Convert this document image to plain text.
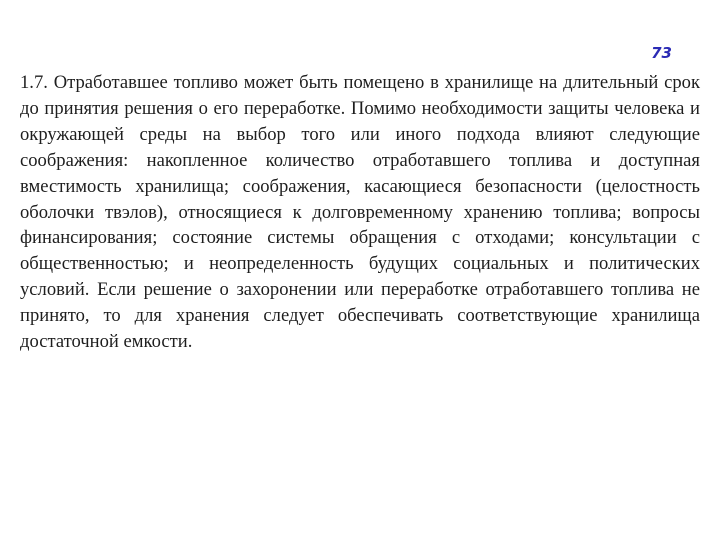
73

1.7. Отработавшее топливо может быть помещено в хранилище на длительный срок до принятия решения о его переработке. Помимо необходимости защиты человека и окружающей среды на выбор того или иного подхода влияют следующие соображения: накопленное количество отработавшего топлива и доступная вместимость хранилища; соображения, касающиеся безопасности (целостность оболочки твэлов), относящиеся к долговременному хранению топлива; вопросы финансирования; состояние системы обращения с отходами; консультации с общественностью; и неопределенность будущих социальных и политических условий. Если решение о захоронении или переработке отработавшего топлива не принято, то для хранения следует обеспечивать соответствующие хранилища достаточной емкости.
